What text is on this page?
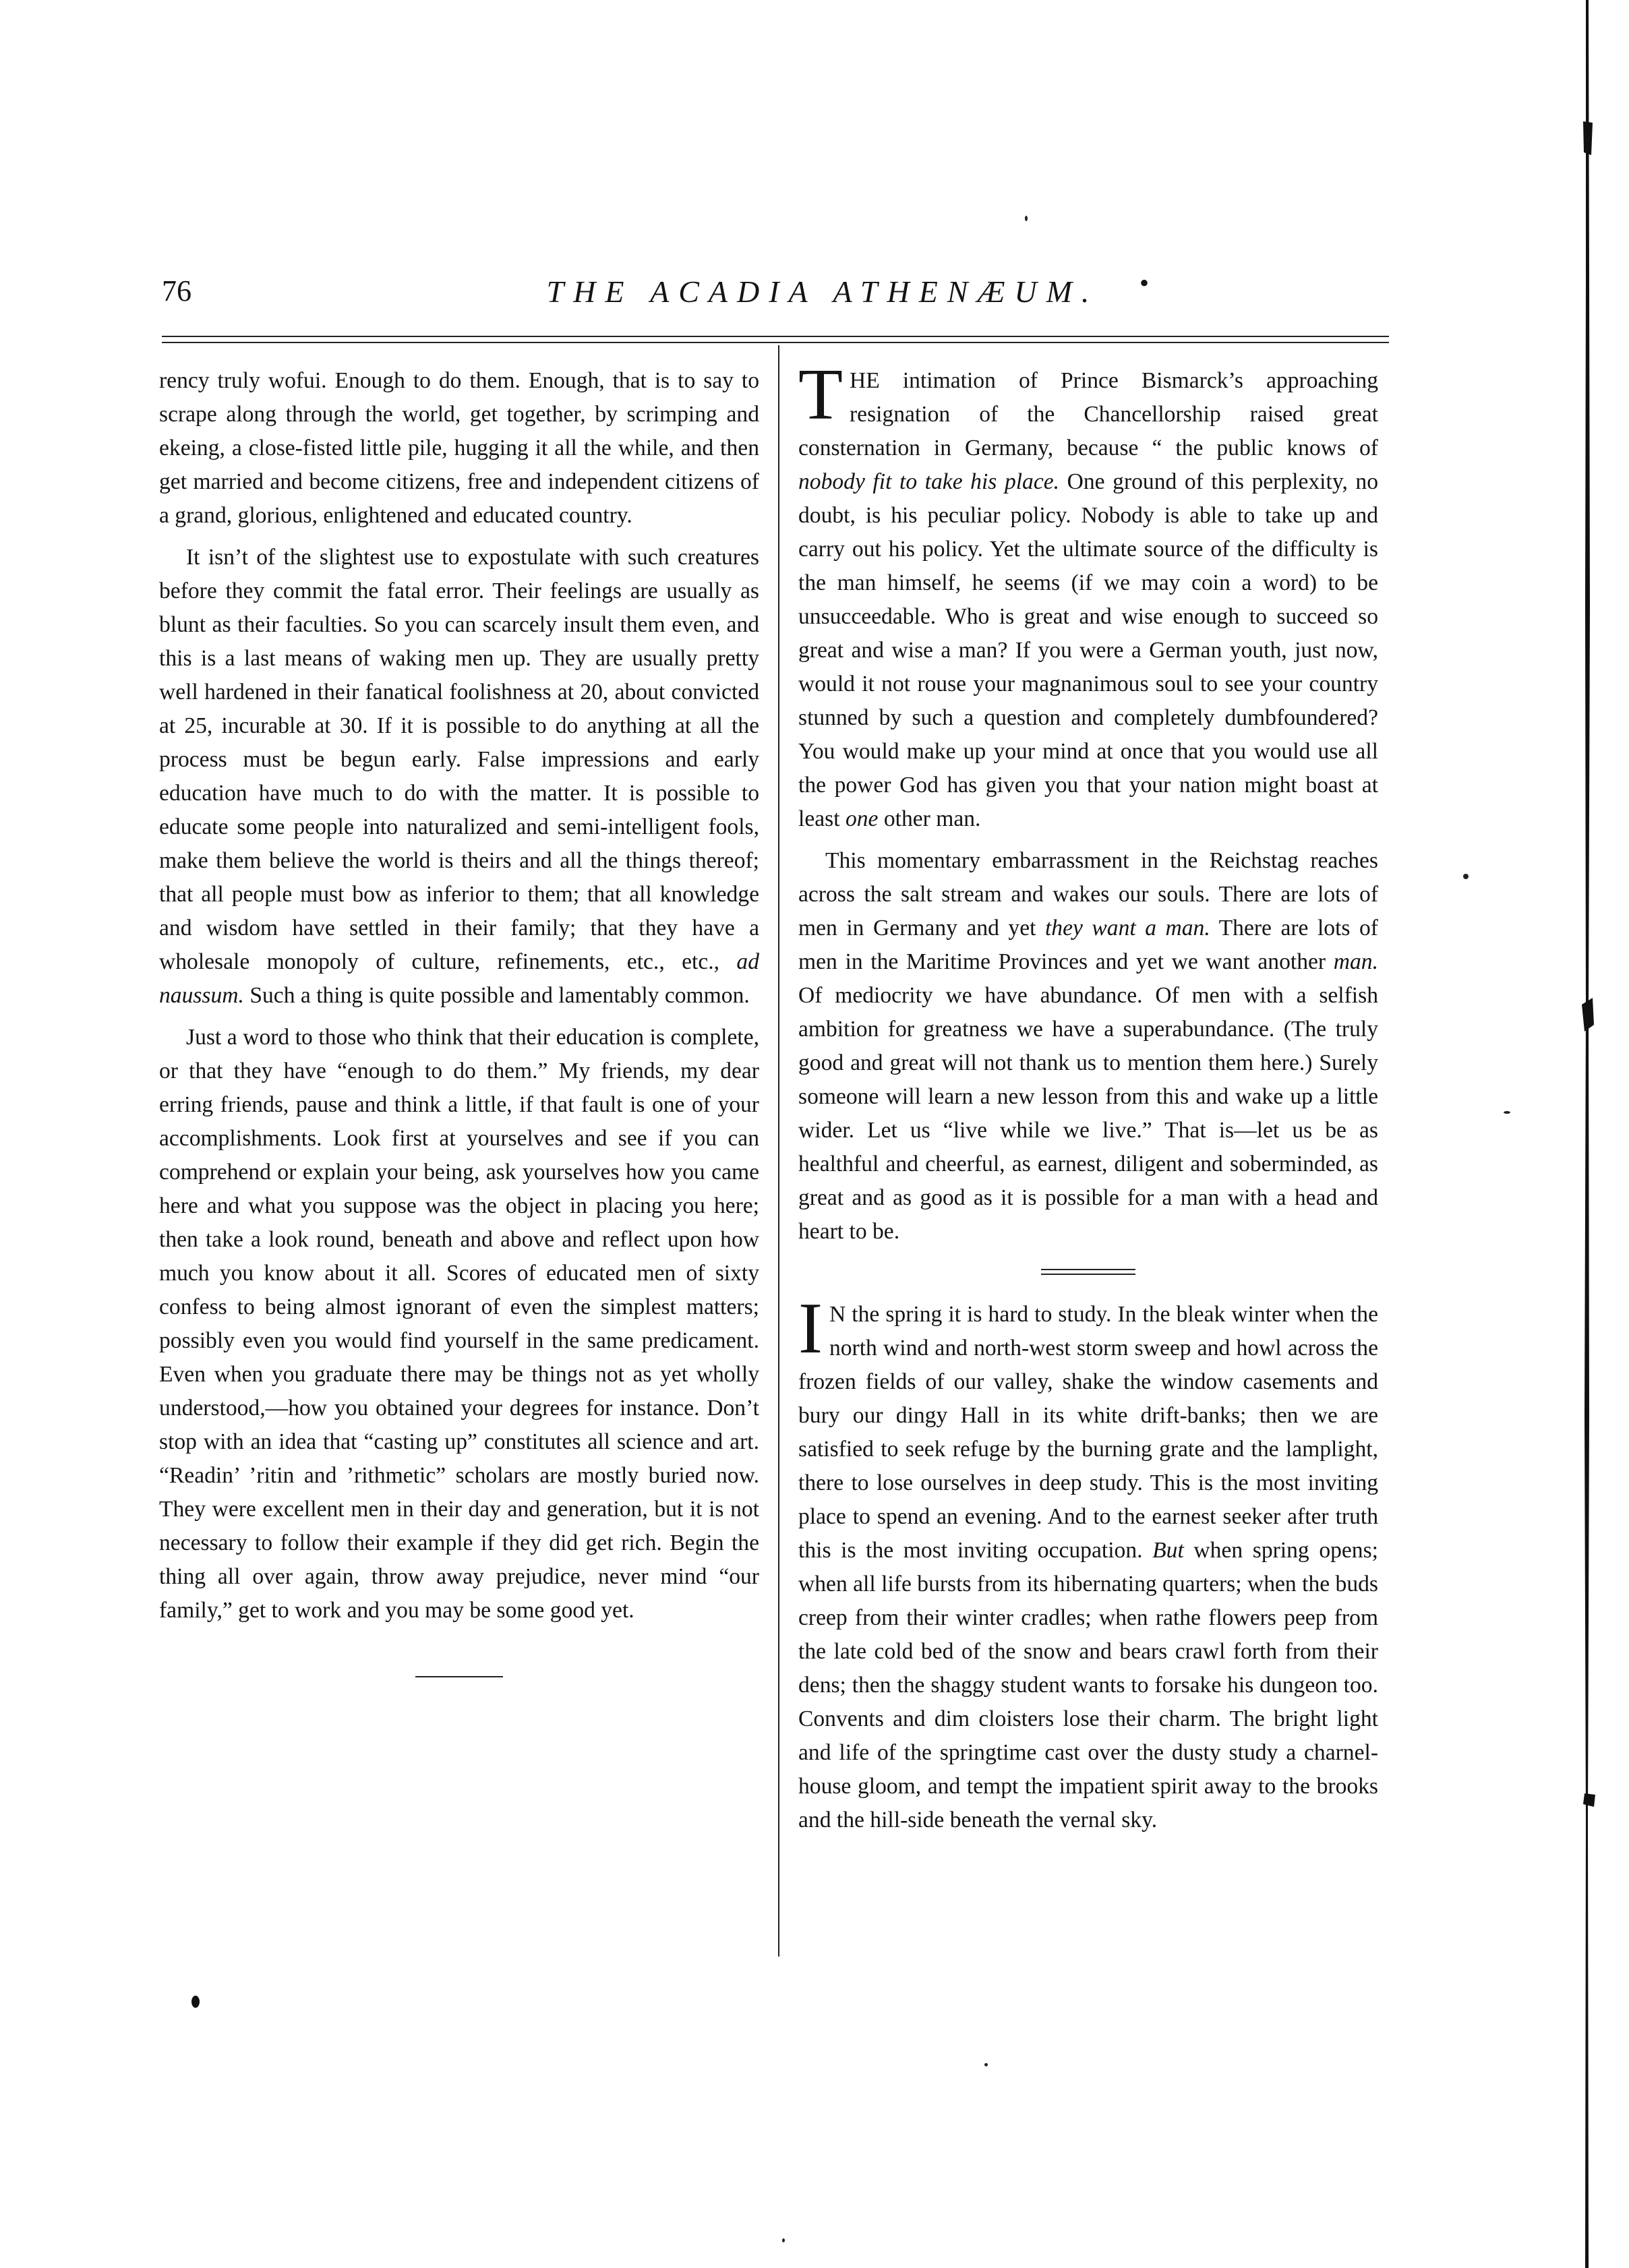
76	THE ACADIA ATHENÆUM.	•

rency truly wofui. Enough to do them. Enough, that is to say to scrape along through the world, get together, by scrimping and ekeing, a close-fisted little pile, hugging it all the while, and then get married and become citizens, free and independent citizens of a grand, glorious, enlightened and educated country.

It isn’t of the slightest use to expostulate with such creatures before they commit the fatal error. Their feelings are usually as blunt as their faculties. So you can scarcely insult them even, and this is a last means of waking men up. They are usually pretty well hardened in their fanatical foolishness at 20, about convicted at 25, incurable at 30. If it is possible to do anything at all the process must be begun early. False impressions and early education have much to do with the matter. It is possible to educate some people into naturalized and semi-intelligent fools, make them believe the world is theirs and all the things thereof; that all people must bow as inferior to them; that all knowledge and wisdom have settled in their family; that they have a wholesale monopoly of culture, refinements, etc., etc., ad naussum. Such a thing is quite possible and lamentably common.

Just a word to those who think that their education is complete, or that they have “enough to do them.” My friends, my dear erring friends, pause and think a little, if that fault is one of your accomplishments. Look first at yourselves and see if you can comprehend or explain your being, ask yourselves how you came here and what you suppose was the object in placing you here; then take a look round, beneath and above and reflect upon how much you know about it all. Scores of educated men of sixty confess to being almost ignorant of even the simplest matters; possibly even you would find yourself in the same predicament. Even when you graduate there may be things not as yet wholly understood,—how you obtained your degrees for instance. Don’t stop with an idea that “casting up” constitutes all science and art. “Readin’ ’ritin and ’rithmetic” scholars are mostly buried now. They were excellent men in their day and generation, but it is not necessary to follow their example if they did get rich. Begin the thing all over again, throw away prejudice, never mind “our family,” get to work and you may be some good yet.

THE intimation of Prince Bismarck’s approaching resignation of the Chancellorship raised great consternation in Germany, because “ the public knows of nobody fit to take his place. One ground of this perplexity, no doubt, is his peculiar policy. Nobody is able to take up and carry out his policy. Yet the ultimate source of the difficulty is the man himself, he seems (if we may coin a word) to be unsucceedable. Who is great and wise enough to succeed so great and wise a man? If you were a German youth, just now, would it not rouse your magnanimous soul to see your country stunned by such a question and completely dumbfoundered? You would make up your mind at once that you would use all the power God has given you that your nation might boast at least one other man.

This momentary embarrassment in the Reichstag reaches across the salt stream and wakes our souls. There are lots of men in Germany and yet they want a man. There are lots of men in the Maritime Provinces and yet we want another man. Of mediocrity we have abundance. Of men with a selfish ambition for greatness we have a superabundance. (The truly good and great will not thank us to mention them here.) Surely someone will learn a new lesson from this and wake up a little wider. Let us “live while we live.” That is—let us be as healthful and cheerful, as earnest, diligent and soberminded, as great and as good as it is possible for a man with a head and heart to be.

I N the spring it is hard to study. In the bleak winter when the north wind and north-west storm sweep and howl across the frozen fields of our valley, shake the window casements and bury our dingy Hall in its white drift-banks; then we are satisfied to seek refuge by the burning grate and the lamplight, there to lose ourselves in deep study. This is the most inviting place to spend an evening. And to the earnest seeker after truth this is the most inviting occupation. But when spring opens; when all life bursts from its hibernating quarters; when the buds creep from their winter cradles; when rathe flowers peep from the late cold bed of the snow and bears crawl forth from their dens; then the shaggy student wants to forsake his dungeon too. Convents and dim cloisters lose their charm. The bright light and life of the springtime cast over the dusty study a charnel-house gloom, and tempt the impatient spirit away to the brooks and the hill-side beneath the vernal sky.
